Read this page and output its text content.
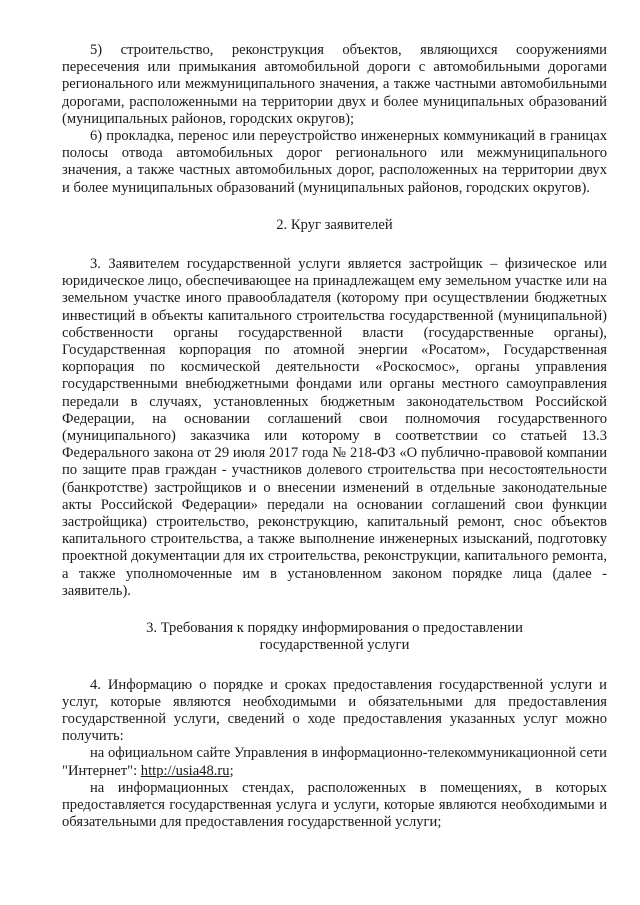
5) строительство, реконструкция объектов, являющихся сооружениями пересечения или примыкания автомобильной дороги с автомобильными дорогами регионального или межмуниципального значения, а также частными автомобильными дорогами, расположенными на территории двух и более муниципальных образований (муниципальных районов, городских округов);

6) прокладка, перенос или переустройство инженерных коммуникаций в границах полосы отвода автомобильных дорог регионального или межмуниципального значения, а также частных автомобильных дорог, расположенных на территории двух и более муниципальных образований (муниципальных районов, городских округов).

2. Круг заявителей

3. Заявителем государственной услуги является застройщик – физическое или юридическое лицо, обеспечивающее на принадлежащем ему земельном участке или на земельном участке иного правообладателя (которому при осуществлении бюджетных инвестиций в объекты капитального строительства государственной (муниципальной) собственности органы государственной власти (государственные органы), Государственная корпорация по атомной энергии «Росатом», Государственная корпорация по космической деятельности «Роскосмос», органы управления государственными внебюджетными фондами или органы местного самоуправления передали в случаях, установленных бюджетным законодательством Российской Федерации, на основании соглашений свои полномочия государственного (муниципального) заказчика или которому в соответствии со статьей 13.3 Федерального закона от 29 июля 2017 года № 218-ФЗ «О публично-правовой компании по защите прав граждан - участников долевого строительства при несостоятельности (банкротстве) застройщиков и о внесении изменений в отдельные законодательные акты Российской Федерации» передали на основании соглашений свои функции застройщика) строительство, реконструкцию, капитальный ремонт, снос объектов капитального строительства, а также выполнение инженерных изысканий, подготовку проектной документации для их строительства, реконструкции, капитального ремонта, а также уполномоченные им в установленном законом порядке лица (далее - заявитель).

3. Требования к порядку информирования о предоставлении

государственной услуги

4. Информацию о порядке и сроках предоставления государственной услуги и услуг, которые являются необходимыми и обязательными для предоставления государственной услуги, сведений о ходе предоставления указанных услуг можно получить:

на официальном сайте Управления в информационно-телекоммуникационной сети "Интернет": http://usia48.ru;

на информационных стендах, расположенных в помещениях, в которых предоставляется государственная услуга и услуги, которые являются необходимыми и обязательными для предоставления государственной услуги;
